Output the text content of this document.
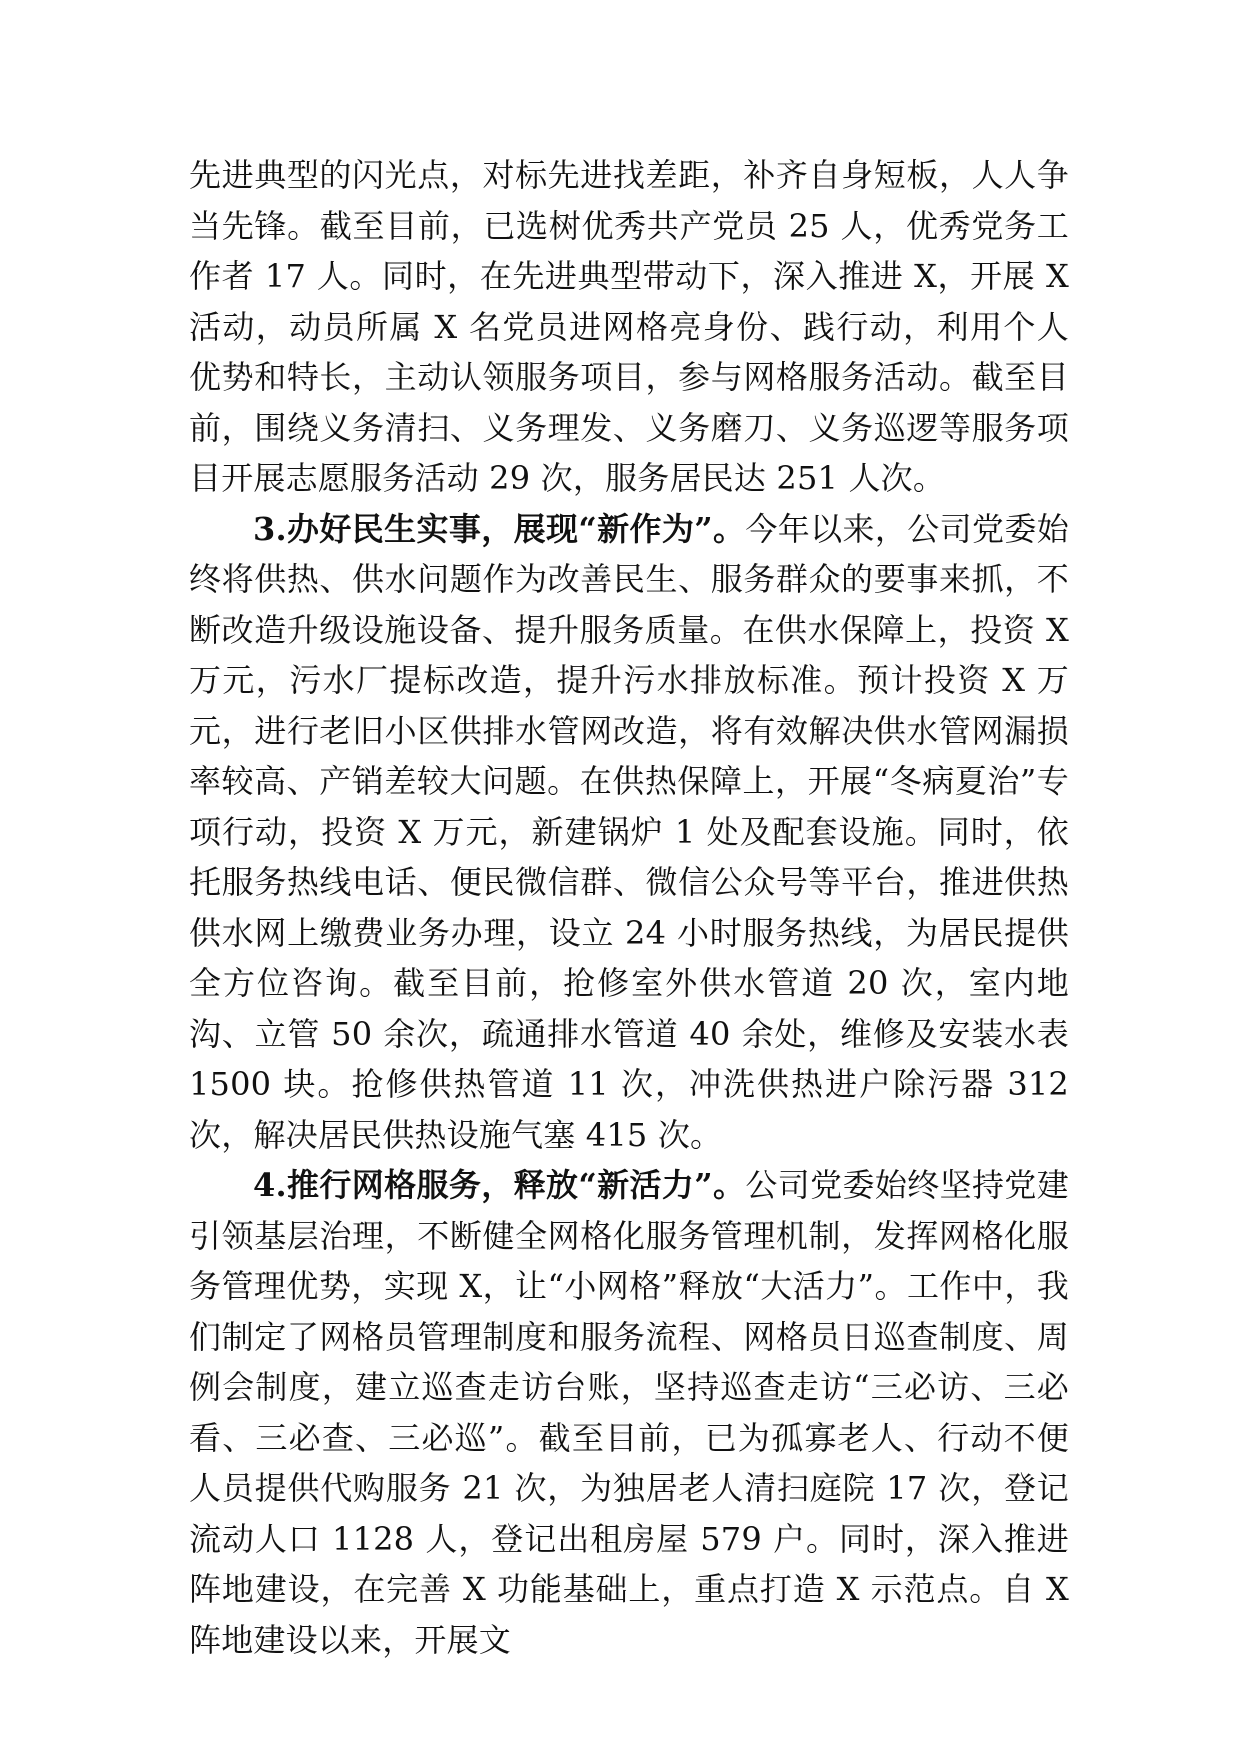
先进典型的闪光点，对标先进找差距，补齐自身短板，人人争当先锋。截至目前，已选树优秀共产党员 25 人，优秀党务工作者 17 人。同时，在先进典型带动下，深入推进 X，开展 X 活动，动员所属 X 名党员进网格亮身份、践行动，利用个人优势和特长，主动认领服务项目，参与网格服务活动。截至目前，围绕义务清扫、义务理发、义务磨刀、义务巡逻等服务项目开展志愿服务活动 29 次，服务居民达 251 人次。

3.办好民生实事，展现“新作为”。今年以来，公司党委始终将供热、供水问题作为改善民生、服务群众的要事来抓，不断改造升级设施设备、提升服务质量。在供水保障上，投资 X 万元，污水厂提标改造，提升污水排放标准。预计投资 X 万元，进行老旧小区供排水管网改造，将有效解决供水管网漏损率较高、产销差较大问题。在供热保障上，开展“冬病夏治”专项行动，投资 X 万元，新建锅炉 1 处及配套设施。同时，依托服务热线电话、便民微信群、微信公众号等平台，推进供热供水网上缴费业务办理，设立 24 小时服务热线，为居民提供全方位咨询。截至目前，抢修室外供水管道 20 次，室内地沟、立管 50 余次，疏通排水管道 40 余处，维修及安装水表 1500 块。抢修供热管道 11 次，冲洗供热进户除污器 312 次，解决居民供热设施气塞 415 次。

4.推行网格服务，释放“新活力”。公司党委始终坚持党建引领基层治理，不断健全网格化服务管理机制，发挥网格化服务管理优势，实现 X，让“小网格”释放“大活力”。工作中，我们制定了网格员管理制度和服务流程、网格员日巡查制度、周例会制度，建立巡查走访台账，坚持巡查走访“三必访、三必看、三必查、三必巡”。截至目前，已为孤寡老人、行动不便人员提供代购服务 21 次，为独居老人清扫庭院 17 次，登记流动人口 1128 人，登记出租房屋 579 户。同时，深入推进阵地建设，在完善 X 功能基础上，重点打造 X 示范点。自 X 阵地建设以来，开展文
